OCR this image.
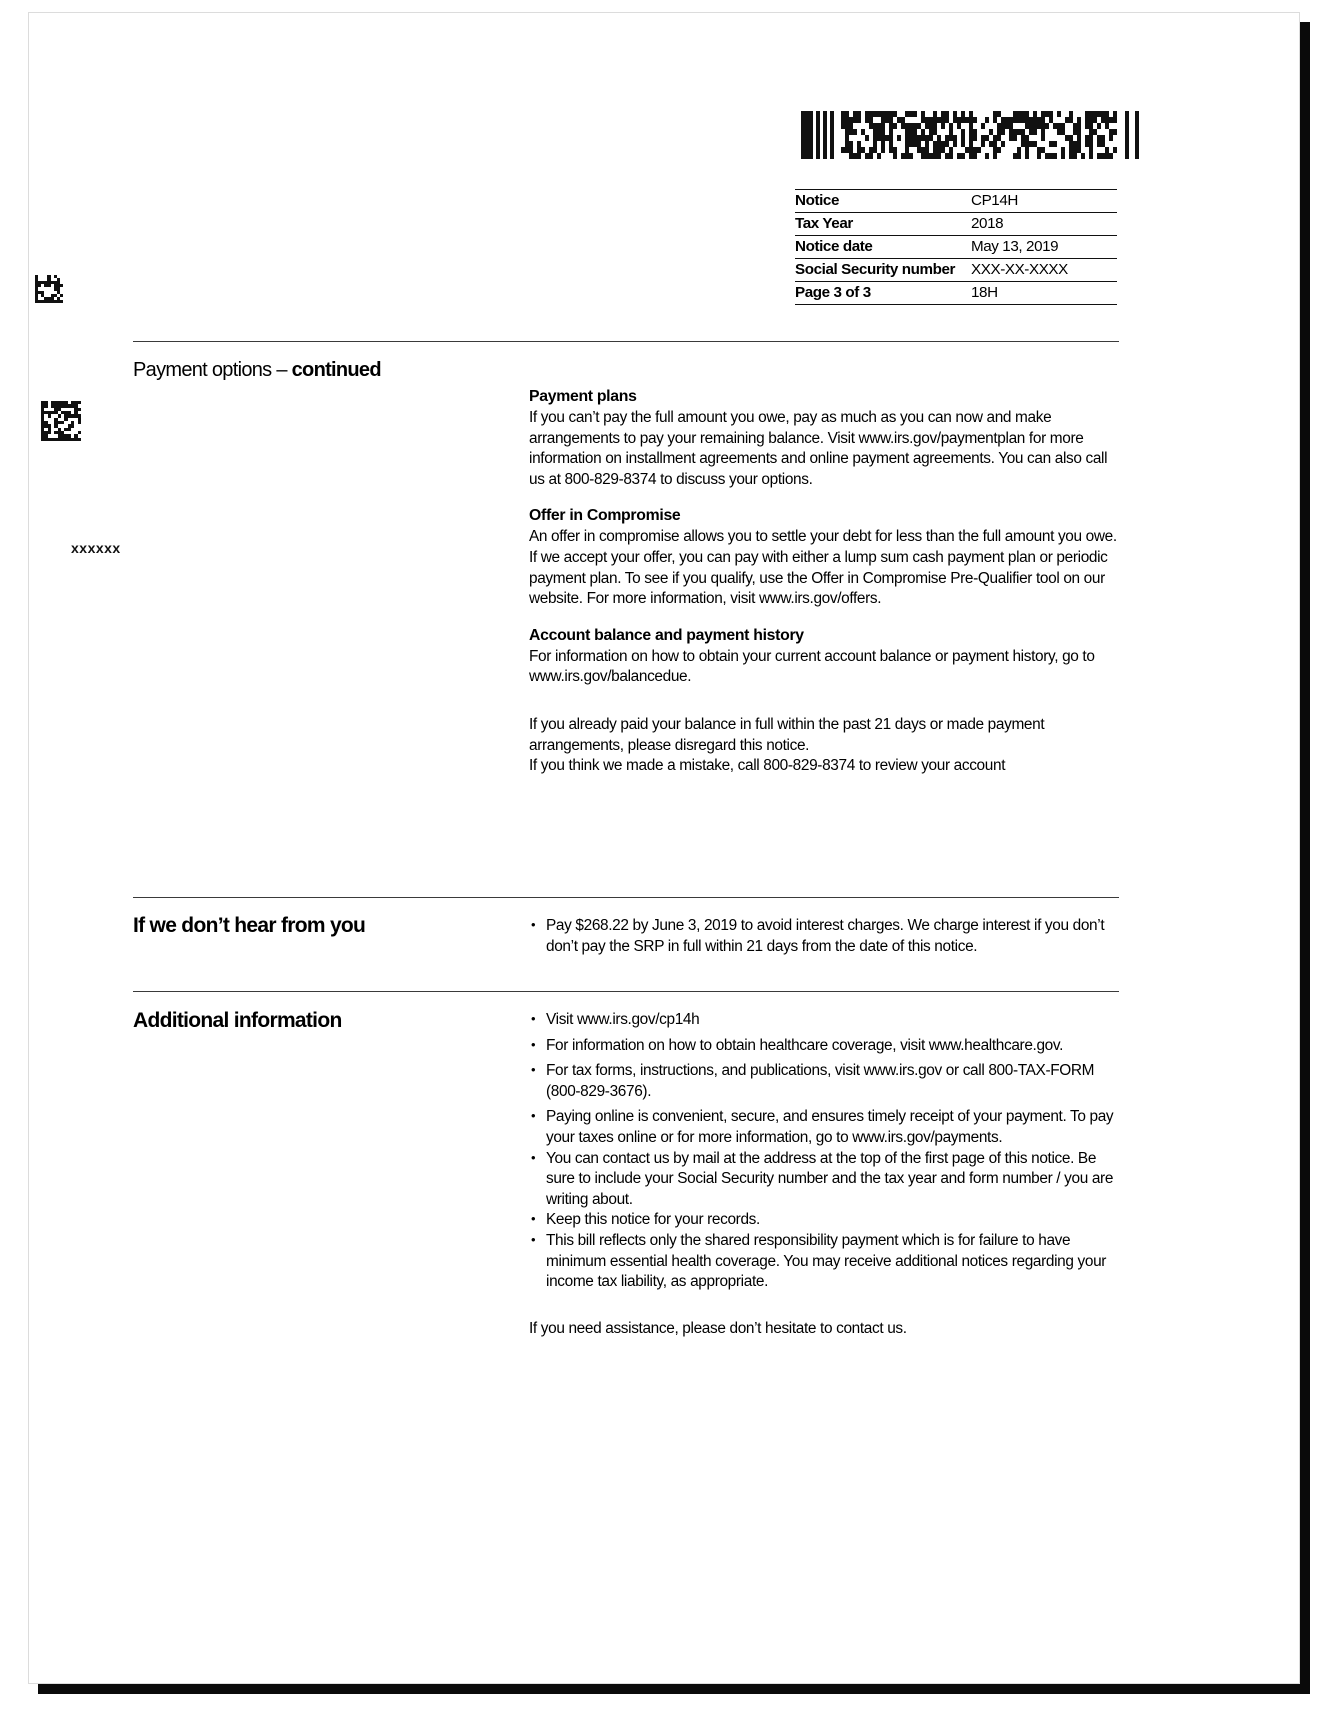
xxxxxx
Notice	CP14H
Tax Year	2018
Notice date	May 13, 2019
Social Security number	XXX-XX-XXXX
Page 3 of 3	18H
Payment options – continued
Payment plans

If you can’t pay the full amount you owe, pay as much as you can now and make arrangements to pay your remaining balance. Visit www.irs.gov/paymentplan for more information on installment agreements and online payment agreements. You can also call us at 800-829-8374 to discuss your options.

Offer in Compromise

An offer in compromise allows you to settle your debt for less than the full amount you owe. If we accept your offer, you can pay with either a lump sum cash payment plan or periodic payment plan. To see if you qualify, use the Offer in Compromise Pre-Qualifier tool on our website. For more information, visit www.irs.gov/offers.

Account balance and payment history

For information on how to obtain your current account balance or payment history, go to www.irs.gov/balancedue.

If you already paid your balance in full within the past 21 days or made payment arrangements, please disregard this notice.

If you think we made a mistake, call 800-829-8374 to review your account

If we don’t hear from you	• Pay $268.22 by June 3, 2019 to avoid interest charges. We charge interest if you don’t don’t pay the SRP in full within 21 days from the date of this notice.
Additional information	• Visit www.irs.gov/cp14h
• For information on how to obtain healthcare coverage, visit www.healthcare.gov.
• For tax forms, instructions, and publications, visit www.irs.gov or call 800-TAX-FORM (800-829-3676).
• Paying online is convenient, secure, and ensures timely receipt of your payment. To pay your taxes online or for more information, go to www.irs.gov/payments.
• You can contact us by mail at the address at the top of the first page of this notice. Be sure to include your Social Security number and the tax year and form number / you are writing about.
• Keep this notice for your records.
• This bill reflects only the shared responsibility payment which is for failure to have minimum essential health coverage. You may receive additional notices regarding your income tax liability, as appropriate.

If you need assistance, please don’t hesitate to contact us.
